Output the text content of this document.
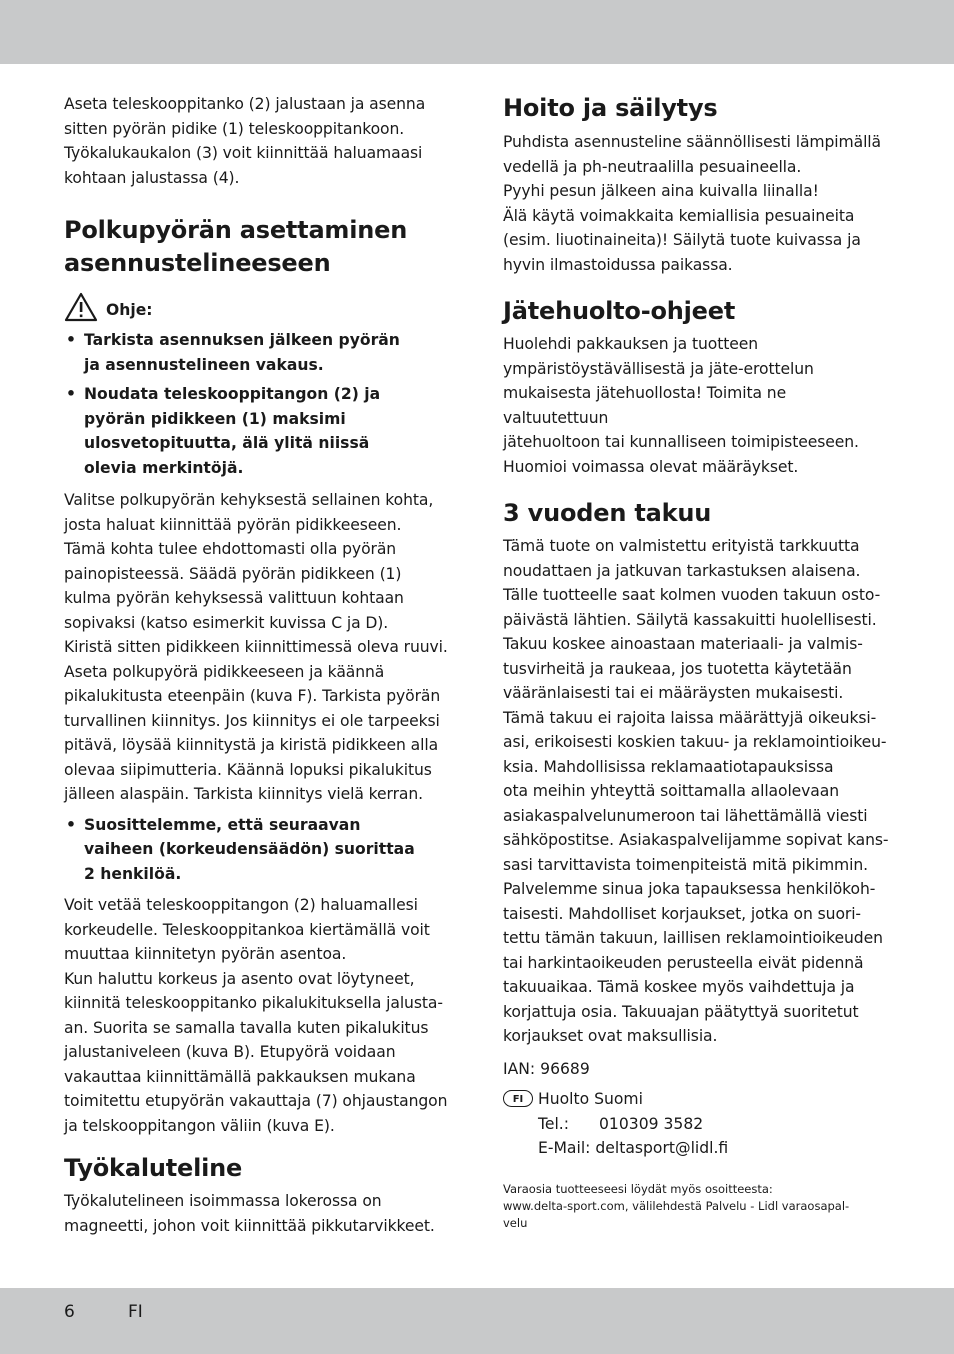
Aseta teleskooppitanko (2) jalustaan ja asenna
sitten pyörän pidike (1) teleskooppitankoon.
Työkalukaukalon (3) voit kiinnittää haluamaasi
kohtaan jalustassa (4).

Polkupyörän asettaminen
asennustelineeseen
Ohje:
• Tarkista asennuksen jälkeen pyörän
ja asennustelineen vakaus.
• Noudata teleskooppitangon (2) ja
pyörän pidikkeen (1) maksimi
ulosvetopituutta, älä ylitä niissä
olevia merkintöjä.

Valitse polkupyörän kehyksestä sellainen kohta,
josta haluat kiinnittää pyörän pidikkeeseen.
Tämä kohta tulee ehdottomasti olla pyörän
painopisteessä. Säädä pyörän pidikkeen (1)
kulma pyörän kehyksessä valittuun kohtaan
sopivaksi (katso esimerkit kuvissa C ja D).
Kiristä sitten pidikkeen kiinnittimessä oleva ruuvi.
Aseta polkupyörä pidikkeeseen ja käännä
pikalukitusta eteenpäin (kuva F). Tarkista pyörän
turvallinen kiinnitys. Jos kiinnitys ei ole tarpeeksi
pitävä, löysää kiinnitystä ja kiristä pidikkeen alla
olevaa siipimutteria. Käännä lopuksi pikalukitus
jälleen alaspäin. Tarkista kiinnitys vielä kerran.

• Suosittelemme, että seuraavan
vaiheen (korkeudensäädön) suorittaa
2 henkilöä.

Voit vetää teleskooppitangon (2) haluamallesi
korkeudelle. Teleskooppitankoa kiertämällä voit
muuttaa kiinnitetyn pyörän asentoa.
Kun haluttu korkeus ja asento ovat löytyneet,
kiinnitä teleskooppitanko pikalukituksella jalusta-
an. Suorita se samalla tavalla kuten pikalukitus
jalustaniveleen (kuva B). Etupyörä voidaan
vakauttaa kiinnittämällä pakkauksen mukana
toimitettu etupyörän vakauttaja (7) ohjaustangon
ja telskooppitangon väliin (kuva E).

Työkaluteline

Työkalutelineen isoimmassa lokerossa on
magneetti, johon voit kiinnittää pikkutarvikkeet.

Hoito ja säilytys

Puhdista asennusteline säännöllisesti lämpimällä
vedellä ja ph-neutraalilla pesuaineella.
Pyyhi pesun jälkeen aina kuivalla liinalla!
Älä käytä voimakkaita kemiallisia pesuaineita
(esim. liuotinaineita)! Säilytä tuote kuivassa ja
hyvin ilmastoidussa paikassa.

Jätehuolto-ohjeet

Huolehdi pakkauksen ja tuotteen
ympäristöystävällisestä ja jäte-erottelun
mukaisesta jätehuollosta! Toimita ne valtuutettuun
jätehuoltoon tai kunnalliseen toimipisteeseen.
Huomioi voimassa olevat määräykset.

3 vuoden takuu

Tämä tuote on valmistettu erityistä tarkkuutta
noudattaen ja jatkuvan tarkastuksen alaisena.
Tälle tuotteelle saat kolmen vuoden takuun osto-
päivästä lähtien. Säilytä kassakuitti huolellisesti.
Takuu koskee ainoastaan materiaali- ja valmis-
tusvirheitä ja raukeaa, jos tuotetta käytetään
vääränlaisesti tai ei määräysten mukaisesti.
Tämä takuu ei rajoita laissa määrättyjä oikeuksi-
asi, erikoisesti koskien takuu- ja reklamointioikeu-
ksia. Mahdollisissa reklamaatiotapauksissa
ota meihin yhteyttä soittamalla allaolevaan
asiakaspalvelunumeroon tai lähettämällä viesti
sähköpostitse. Asiakaspalvelijamme sopivat kans-
sasi tarvittavista toimenpiteistä mitä pikimmin.
Palvelemme sinua joka tapauksessa henkilökoh-
taisesti. Mahdolliset korjaukset, jotka on suori-
tettu tämän takuun, laillisen reklamointioikeuden
tai harkintaoikeuden perusteella eivät pidennä
takuuaikaa. Tämä koskee myös vaihdettuja ja
korjattuja osia. Takuuajan päätyttyä suoritetut
korjaukset ovat maksullisia.

IAN: 96689
FI Huolto Suomi
Tel.: 010309 3582
E-Mail: deltasport@lidl.fi
Varaosia tuotteeseesi löydät myös osoitteesta:
www.delta-sport.com, välilehdestä Palvelu - Lidl varaosapal-
velu
6	FI
